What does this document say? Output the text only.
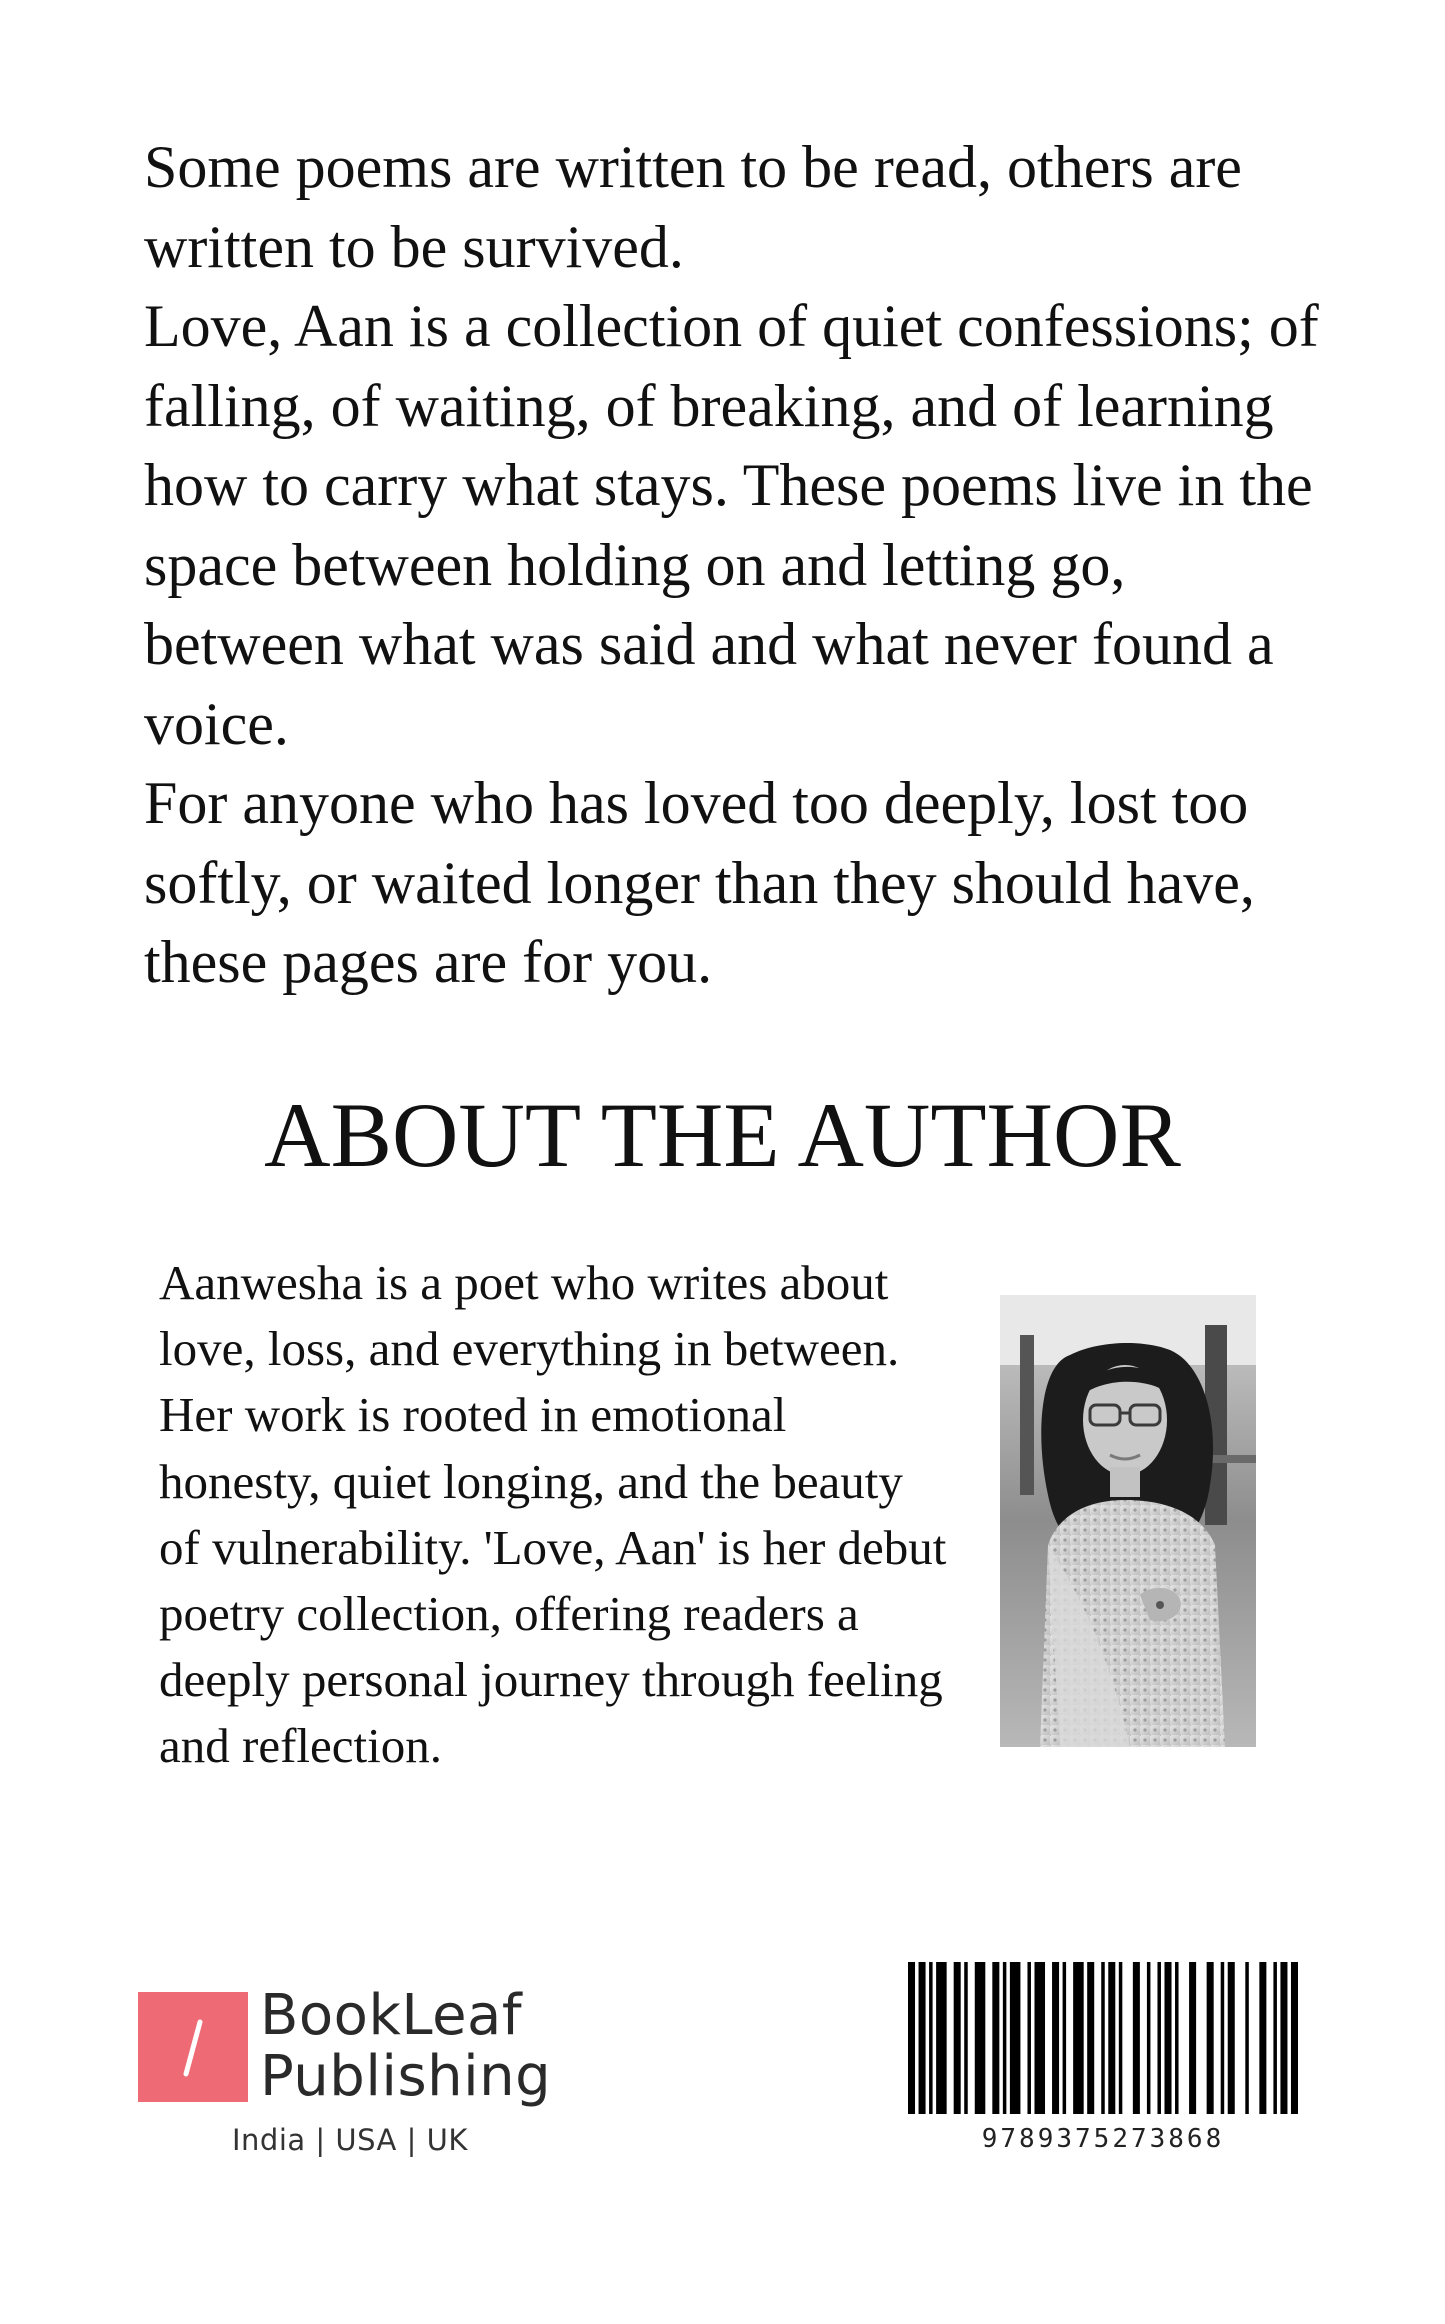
Some poems are written to be read, others are written to be survived.

Love, Aan is a collection of quiet confessions; of falling, of waiting, of breaking, and of learning how to carry what stays. These poems live in the space between holding on and letting go, between what was said and what never found a voice.

For anyone who has loved too deeply, lost too softly, or waited longer than they should have, these pages are for you.

ABOUT THE AUTHOR

Aanwesha is a poet who writes about love, loss, and everything in between. Her work is rooted in emotional honesty, quiet longing, and the beauty of vulnerability. 'Love, Aan' is her debut poetry collection, offering readers a deeply personal journey through feeling and reflection.

BookLeaf
Publishing
India | USA | UK	9789375273868
